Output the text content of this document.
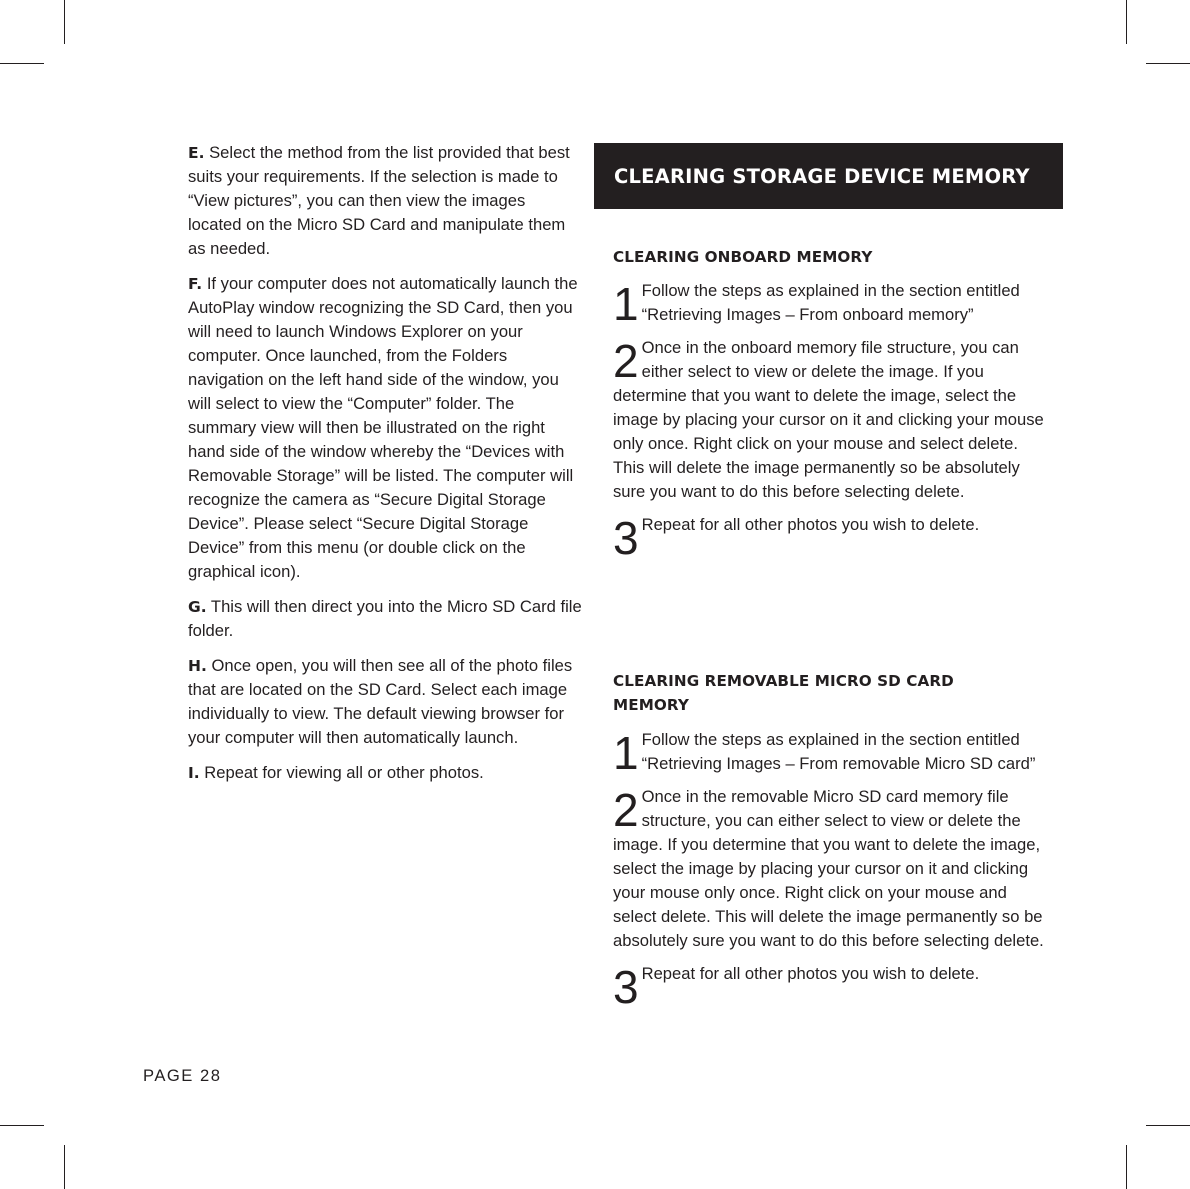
E. Select the method from the list provided that best suits your requirements. If the selection is made to “View pictures”, you can then view the images located on the Micro SD Card and manipulate them as needed.

F. If your computer does not automatically launch the AutoPlay window recognizing the SD Card, then you will need to launch Windows Explorer on your computer. Once launched, from the Folders navigation on the left hand side of the window, you will select to view the “Computer” folder. The summary view will then be illustrated on the right hand side of the window whereby the “Devices with Removable Storage” will be listed. The computer will recognize the camera as “Secure Digital Storage Device”. Please select “Secure Digital Storage Device” from this menu (or double click on the graphical icon).

G. This will then direct you into the Micro SD Card file folder.

H. Once open, you will then see all of the photo files that are located on the SD Card. Select each image individually to view. The default viewing browser for your computer will then automatically launch.

I. Repeat for viewing all or other photos.

CLEARING STORAGE DEVICE MEMORY
CLEARING ONBOARD MEMORY
1 Follow the steps as explained in the section entitled “Retrieving Images – From onboard memory”
2 Once in the onboard memory file structure, you can either select to view or delete the image. If you determine that you want to delete the image, select the image by placing your cursor on it and clicking your mouse only once. Right click on your mouse and select delete. This will delete the image permanently so be absolutely sure you want to do this before selecting delete.
3 Repeat for all other photos you wish to delete.
CLEARING REMOVABLE MICRO SD CARD MEMORY
1 Follow the steps as explained in the section entitled “Retrieving Images – From removable Micro SD card”
2 Once in the removable Micro SD card memory file structure, you can either select to view or delete the image. If you determine that you want to delete the image, select the image by placing your cursor on it and clicking your mouse only once. Right click on your mouse and select delete. This will delete the image permanently so be absolutely sure you want to do this before selecting delete.
3 Repeat for all other photos you wish to delete.
PAGE 28
